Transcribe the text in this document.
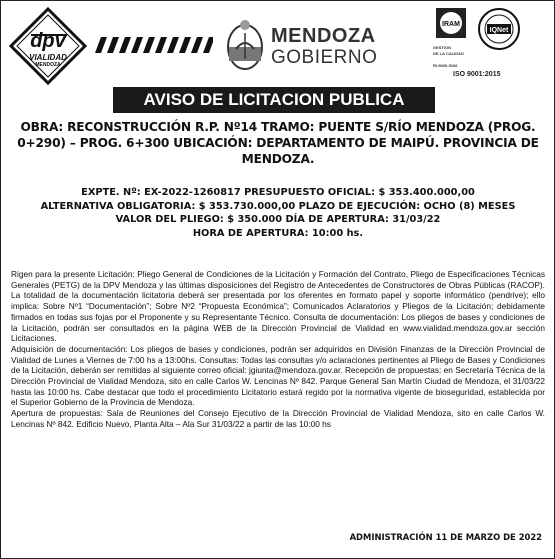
dpv
VIALIDAD
MENDOZA
MENDOZA
GOBIERNO
IRAM
IQNet
GESTION
DE LA CALIDAD
RI-9000-5106
ISO 9001:2015
AVISO DE LICITACION PUBLICA
OBRA: RECONSTRUCCIÓN R.P. Nº14 TRAMO: PUENTE S/RÍO MENDOZA (PROG. 0+290) – PROG. 6+300 UBICACIÓN: DEPARTAMENTO DE MAIPÚ. PROVINCIA DE MENDOZA.
EXPTE. Nº: EX-2022-1260817 PRESUPUESTO OFICIAL: $ 353.400.000,00
ALTERNATIVA OBLIGATORIA: $ 353.730.000,00 PLAZO DE EJECUCIÓN: OCHO (8) MESES
VALOR DEL PLIEGO: $ 350.000 DÍA DE APERTURA: 31/03/22
HORA DE APERTURA: 10:00 hs.

Rigen para la presente Licitación: Pliego General de Condiciones de la Licitación y Formación del Contrato, Pliego de Especificaciones Técnicas Generales (PETG) de la DPV Mendoza y las últimas disposiciones del Registro de Antecedentes de Constructores de Obras Públicas (RACOP). La totalidad de la documentación licitatoria deberá ser presentada por los oferentes en formato papel y soporte informático (pendrive); ello implica: Sobre Nº1 “Documentación”; Sobre Nº2 “Propuesta Económica”; Comunicados Aclaratorios y Pliegos de la Licitación; debidamente firmados en todas sus fojas por el Proponente y su Representante Técnico. Consulta de documentación: Los pliegos de bases y condiciones de la Licitación, podrán ser consultados en la página WEB de la Dirección Provincial de Vialidad en www.vialidad.mendoza.gov.ar sección Licitaciones.

Adquisición de documentación: Los pliegos de bases y condiciones, podrán ser adquiridos en División Finanzas de la Dirección Provincial de Vialidad de Lunes a Viernes de 7:00 hs a 13:00hs. Consultas: Todas las consultas y/o aclaraciones pertinentes al Pliego de Bases y Condiciones de la Licitación, deberán ser remitidas al siguiente correo oficial: jgiunta@mendoza.gov.ar. Recepción de propuestas: en Secretaría Técnica de la Dirección Provincial de Vialidad Mendoza, sito en calle Carlos W. Lencinas Nº 842. Parque General San Martín Ciudad de Mendoza, el 31/03/22 hasta las 10:00 hs. Cabe destacar que todo el procedimiento Licitatorio estará regido por la normativa vigente de bioseguridad, establecida por el Superior Gobierno de la Provincia de Mendoza.

Apertura de propuestas: Sala de Reuniones del Consejo Ejecutivo de la Dirección Provincial de Vialidad Mendoza, sito en calle Carlos W. Lencinas Nº 842. Edificio Nuevo, Planta Alta – Ala Sur 31/03/22 a partir de las 10:00 hs

ADMINISTRACIÓN 11 DE MARZO DE 2022
